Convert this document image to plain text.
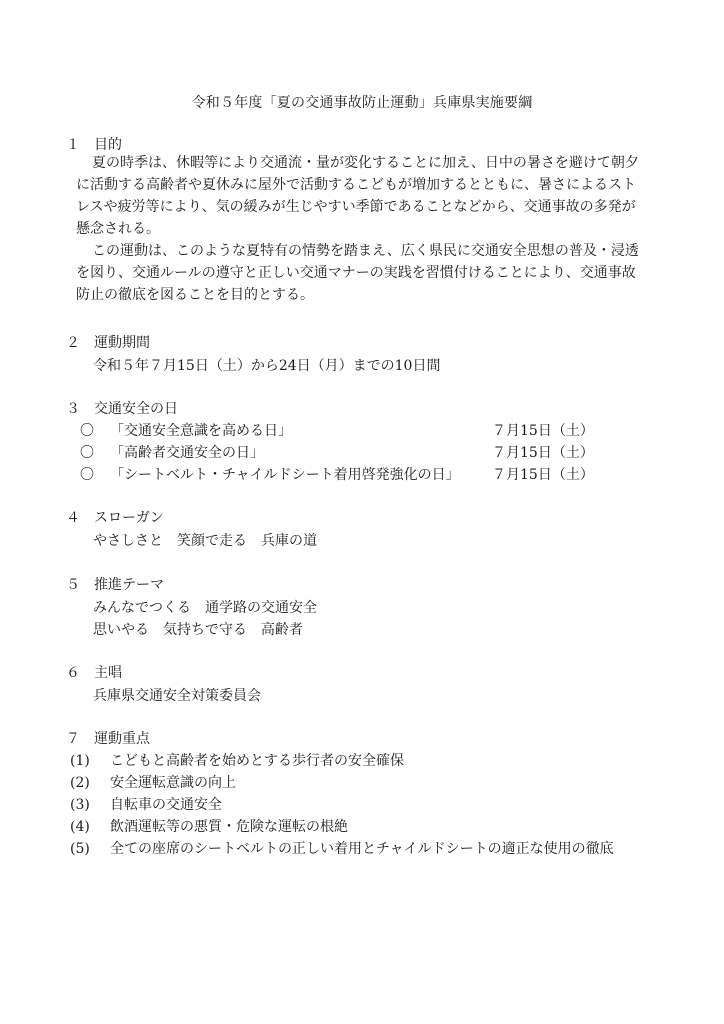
令和５年度「夏の交通事故防止運動」兵庫県実施要綱
１ 目的
夏の時季は、休暇等により交通流・量が変化することに加え、日中の暑さを避けて朝夕
に活動する高齢者や夏休みに屋外で活動するこどもが増加するとともに、暑さによるスト
レスや疲労等により、気の緩みが生じやすい季節であることなどから、交通事故の多発が
懸念される。
この運動は、このような夏特有の情勢を踏まえ、広く県民に交通安全思想の普及・浸透
を図り、交通ルールの遵守と正しい交通マナーの実践を習慣付けることにより、交通事故
防止の徹底を図ることを目的とする。
２ 運動期間
令和５年７月15日（土）から24日（月）までの10日間
３ 交通安全の日
〇 「交通安全意識を高める日」	７月15日（土）
〇 「高齢者交通安全の日」	７月15日（土）
〇 「シートベルト・チャイルドシート着用啓発強化の日」 ７月15日（土）
４ スローガン
やさしさと　笑顔で走る　兵庫の道
５ 推進テーマ
みんなでつくる　通学路の交通安全
思いやる　気持ちで守る　高齢者
６ 主唱
兵庫県交通安全対策委員会
７ 運動重点
(1) こどもと高齢者を始めとする歩行者の安全確保
(2) 安全運転意識の向上
(3) 自転車の交通安全
(4) 飲酒運転等の悪質・危険な運転の根絶
(5) 全ての座席のシートベルトの正しい着用とチャイルドシートの適正な使用の徹底
